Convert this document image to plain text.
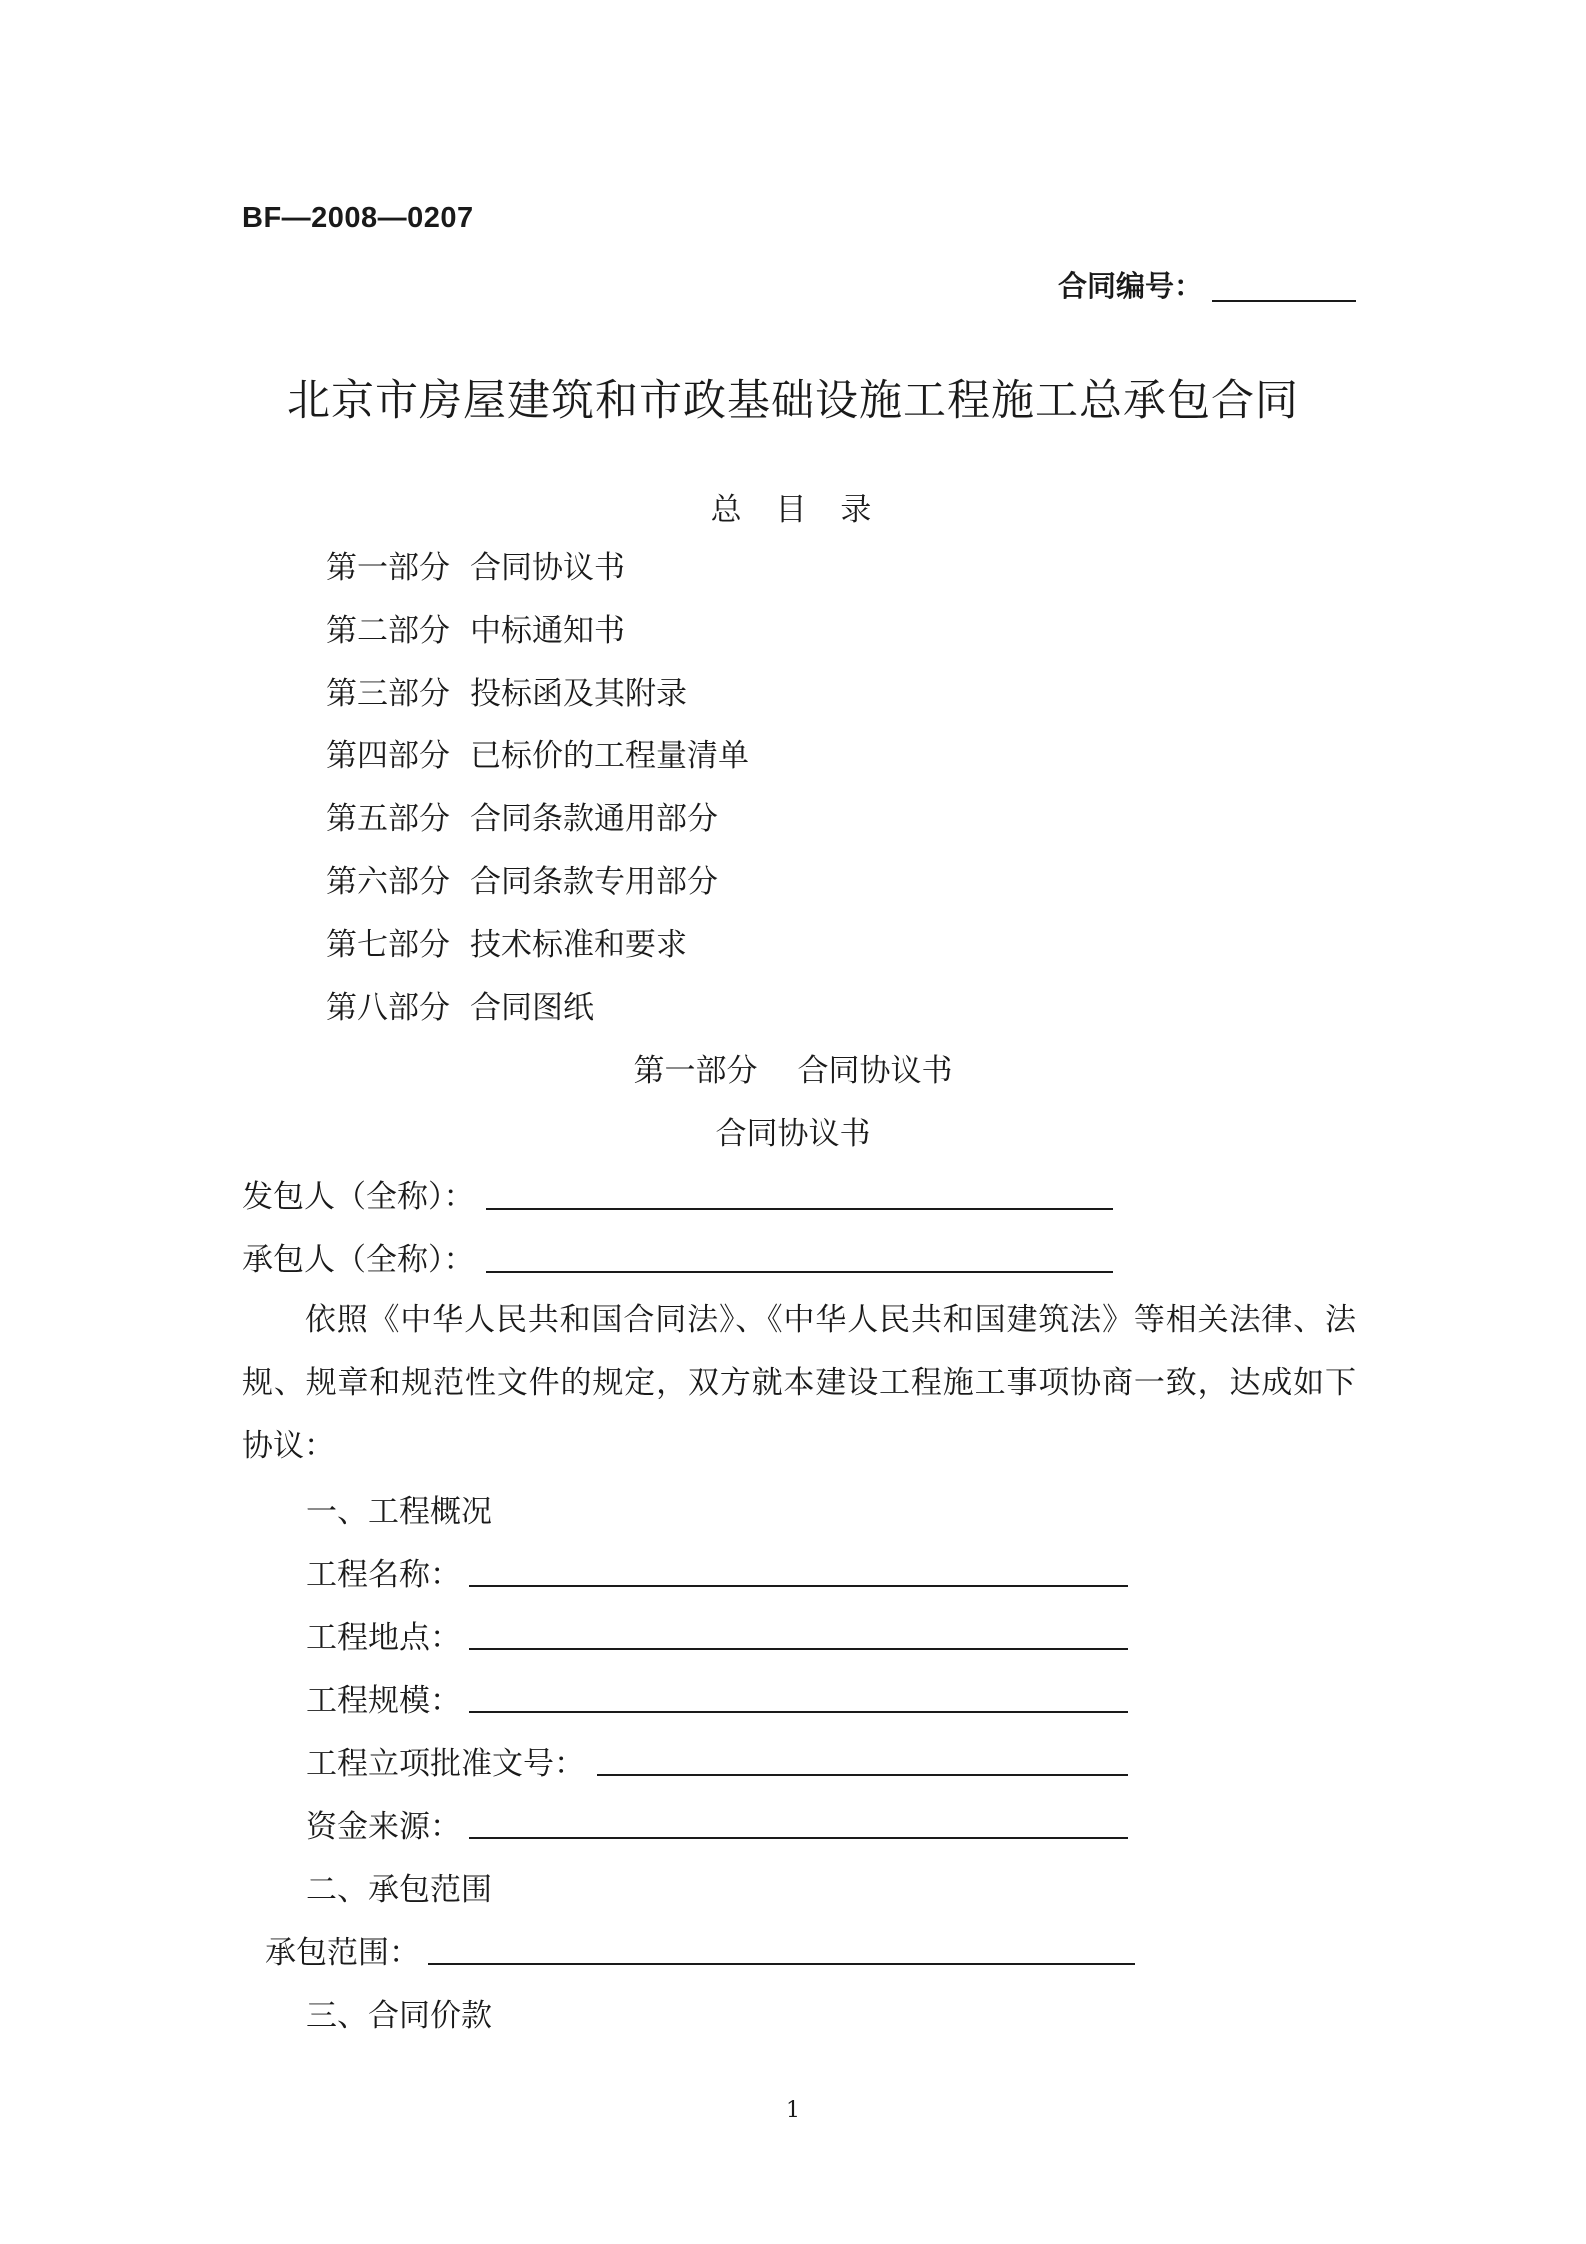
BF—2008—0207
合同编号：
北京市房屋建筑和市政基础设施工程施工总承包合同
总 目 录
第一部分 合同协议书
第二部分 中标通知书
第三部分 投标函及其附录
第四部分 已标价的工程量清单
第五部分 合同条款通用部分
第六部分 合同条款专用部分
第七部分 技术标准和要求
第八部分 合同图纸
第一部分 合同协议书
合同协议书
发包人（全称）：
承包人（全称）：
依照《中华人民共和国合同法》、《中华人民共和国建筑法》等相关法律、法规、规章和规范性文件的规定，双方就本建设工程施工事项协商一致，达成如下协议：
一、工程概况
工程名称：
工程地点：
工程规模：
工程立项批准文号：
资金来源：
二、承包范围
承包范围：
三、合同价款
1
